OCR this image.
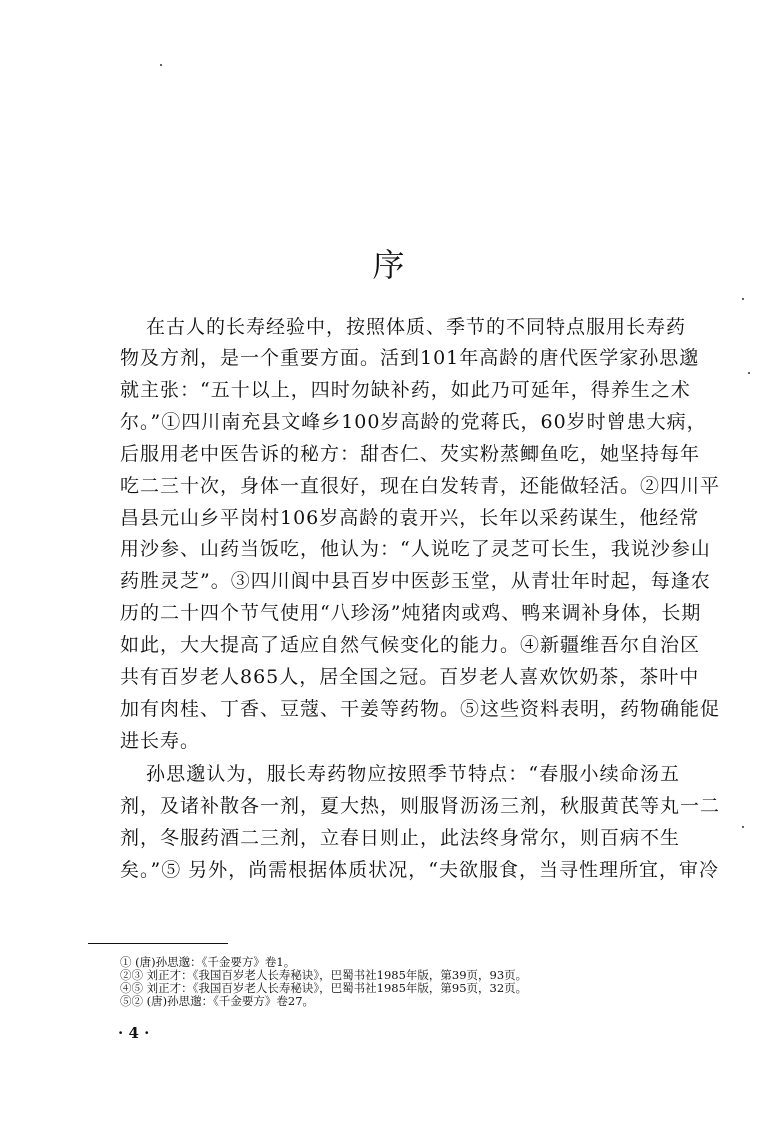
序
在古人的长寿经验中，按照体质、季节的不同特点服用长寿药
物及方剂，是一个重要方面。活到101年高龄的唐代医学家孙思邈
就主张：“五十以上，四时勿缺补药，如此乃可延年，得养生之术
尔。”①四川南充县文峰乡100岁高龄的党蒋氏，60岁时曾患大病，
后服用老中医告诉的秘方：甜杏仁、芡实粉蒸鲫鱼吃，她坚持每年
吃二三十次，身体一直很好，现在白发转青，还能做轻活。②四川平
昌县元山乡平岗村106岁高龄的袁开兴，长年以采药谋生，他经常
用沙参、山药当饭吃，他认为：“人说吃了灵芝可长生，我说沙参山
药胜灵芝”。③四川阆中县百岁中医彭玉堂，从青壮年时起，每逢农
历的二十四个节气使用“八珍汤”炖猪肉或鸡、鸭来调补身体，长期
如此，大大提高了适应自然气候变化的能力。④新疆维吾尔自治区
共有百岁老人865人，居全国之冠。百岁老人喜欢饮奶茶，茶叶中
加有肉桂、丁香、豆蔻、干姜等药物。⑤这些资料表明，药物确能促
进长寿。
孙思邈认为，服长寿药物应按照季节特点：“春服小续命汤五
剂，及诸补散各一剂，夏大热，则服肾沥汤三剂，秋服黄芪等丸一二
剂，冬服药酒二三剂，立春日则止，此法终身常尔，则百病不生
矣。”⑤ 另外，尚需根据体质状况，“夫欲服食，当寻性理所宜，审冷
① (唐)孙思邈：《千金要方》卷1。
②③ 刘正才：《我国百岁老人长寿秘诀》，巴蜀书社1985年版，第39页，93页。
④⑤ 刘正才：《我国百岁老人长寿秘诀》，巴蜀书社1985年版，第95页，32页。
⑤② (唐)孙思邈：《千金要方》卷27。
· 4 ·
